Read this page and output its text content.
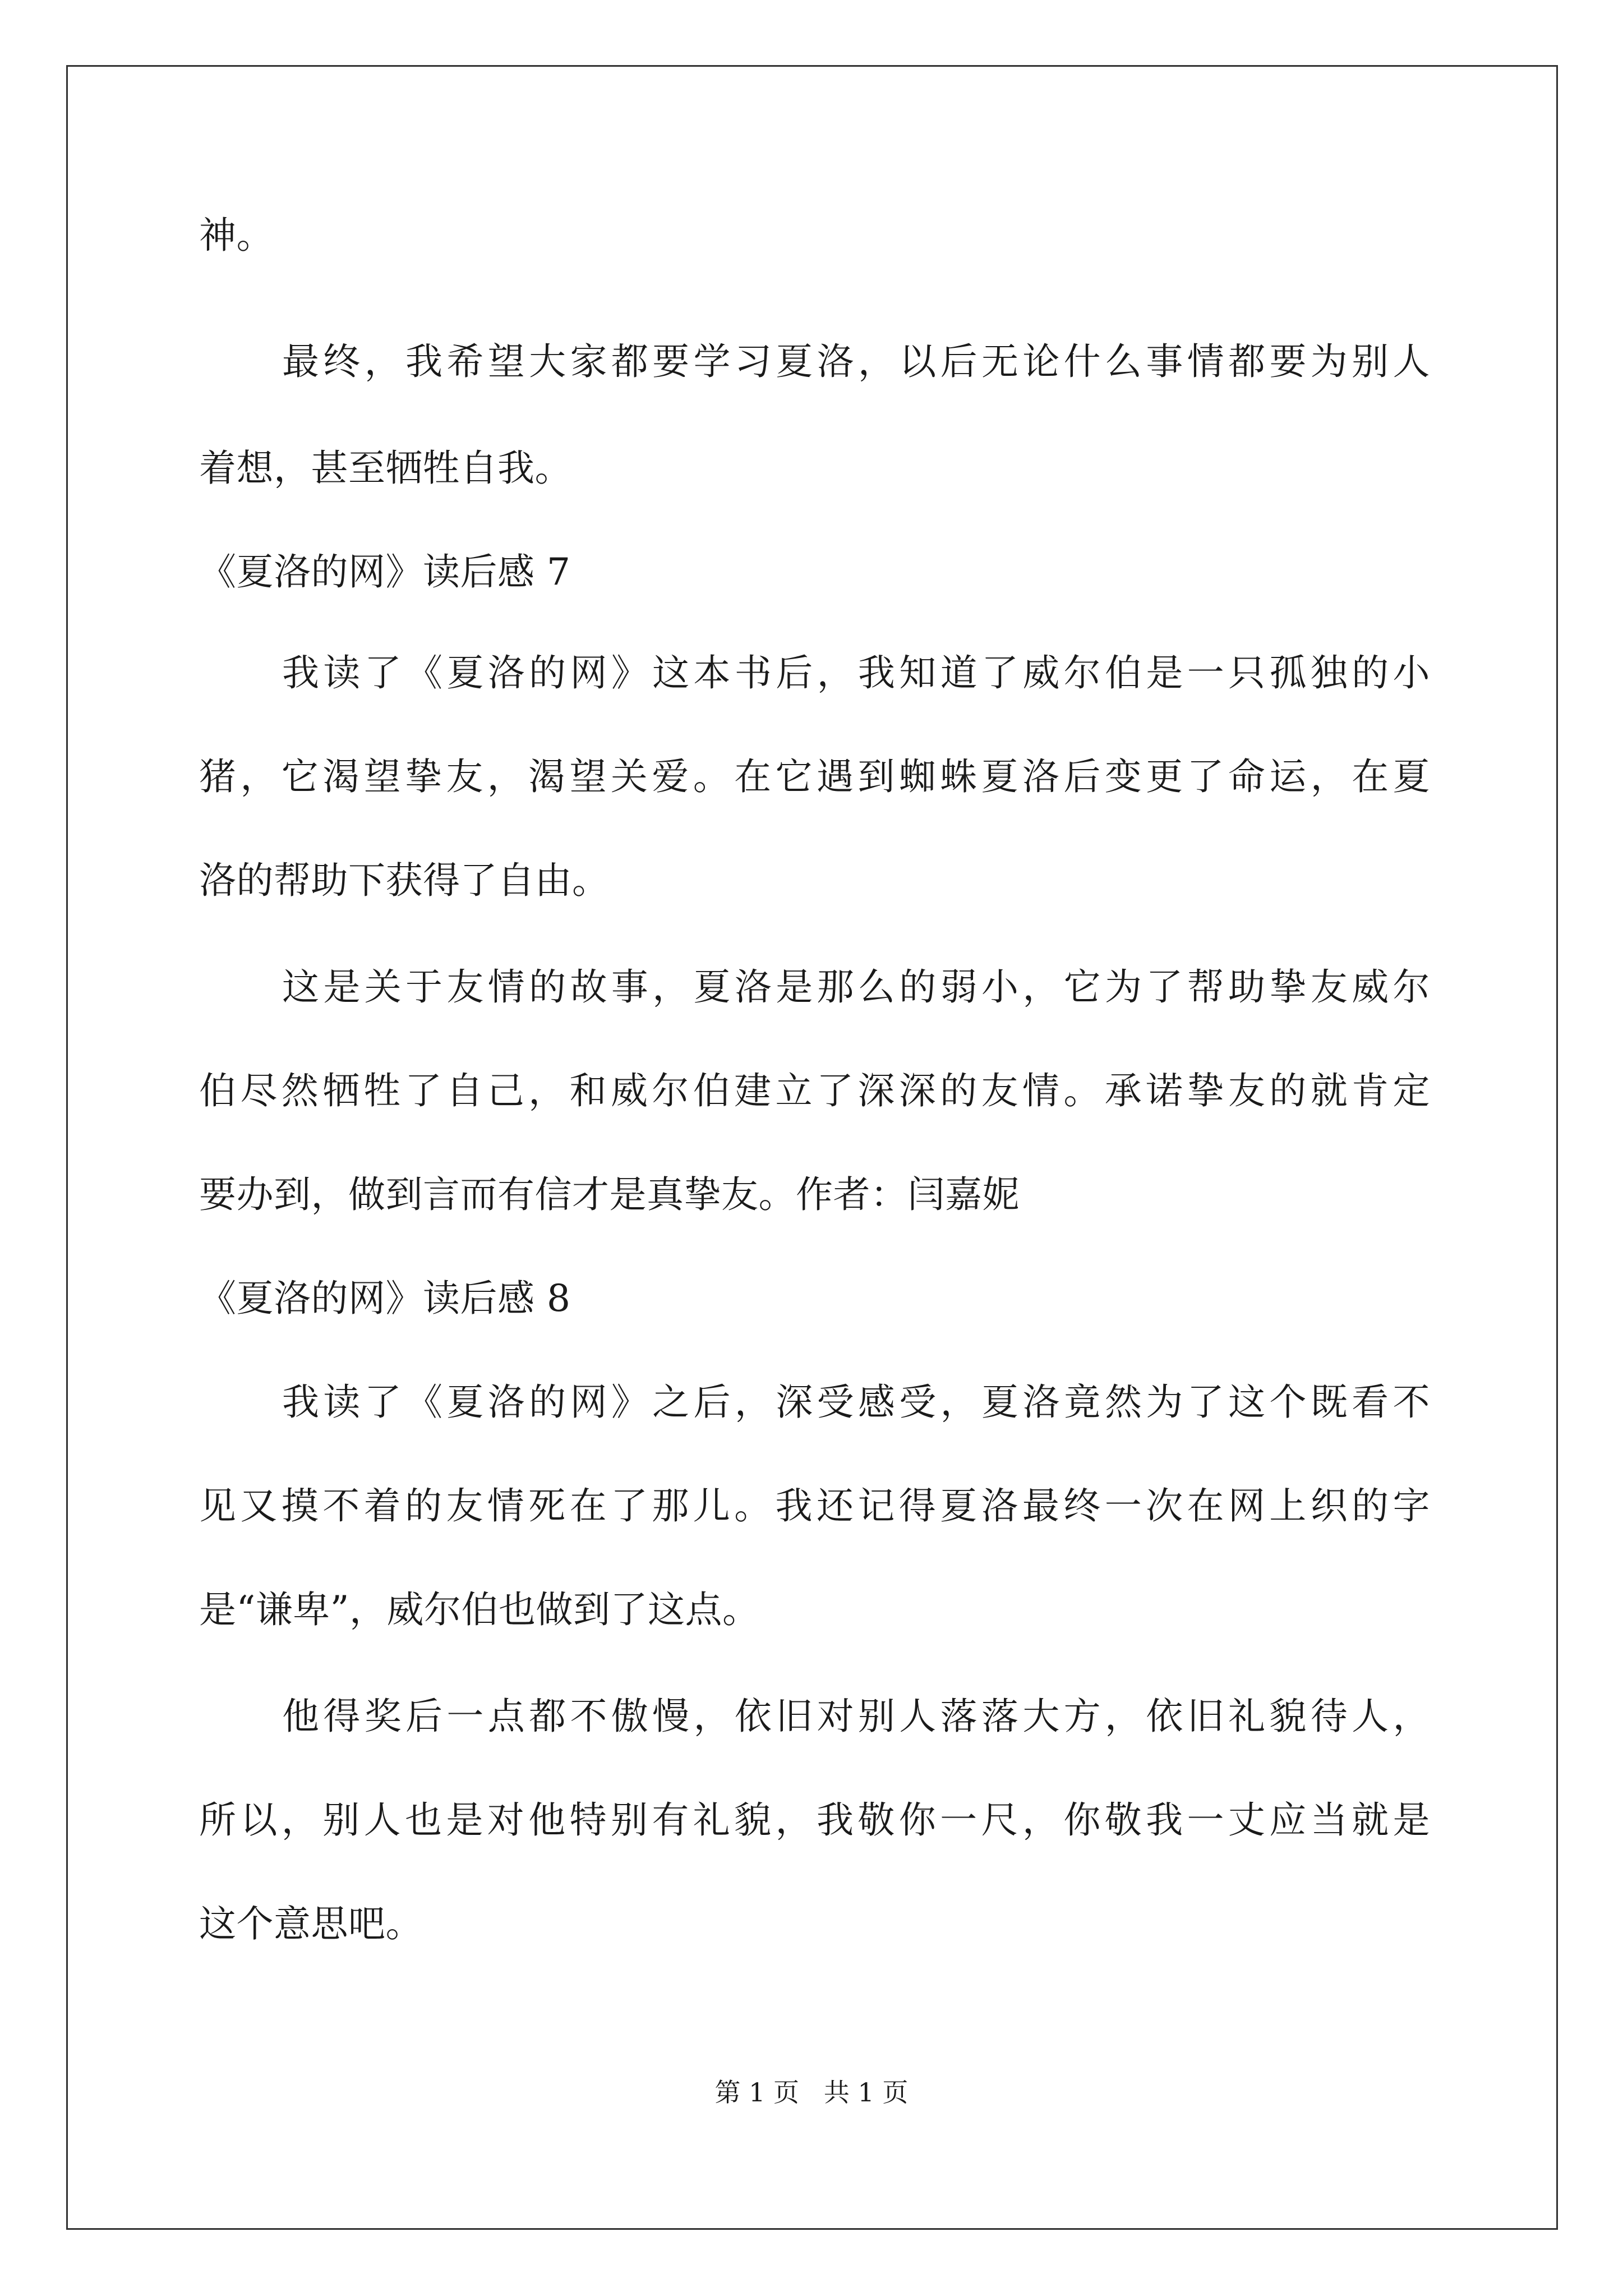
神。
最终，我希望大家都要学习夏洛，以后无论什么事情都要为别人
着想，甚至牺牲自我。
《夏洛的网》读后感 7
我读了《夏洛的网》这本书后，我知道了威尔伯是一只孤独的小
猪，它渴望挚友，渴望关爱。在它遇到蜘蛛夏洛后变更了命运，在夏
洛的帮助下获得了自由。
这是关于友情的故事，夏洛是那么的弱小，它为了帮助挚友威尔
伯尽然牺牲了自己，和威尔伯建立了深深的友情。承诺挚友的就肯定
要办到，做到言而有信才是真挚友。作者：闫嘉妮
《夏洛的网》读后感 8
我读了《夏洛的网》之后，深受感受，夏洛竟然为了这个既看不
见又摸不着的友情死在了那儿。我还记得夏洛最终一次在网上织的字
是“谦卑”，威尔伯也做到了这点。
他得奖后一点都不傲慢，依旧对别人落落大方，依旧礼貌待人，
所以，别人也是对他特别有礼貌，我敬你一尺，你敬我一丈应当就是
这个意思吧。
第 1 页   共 1 页
